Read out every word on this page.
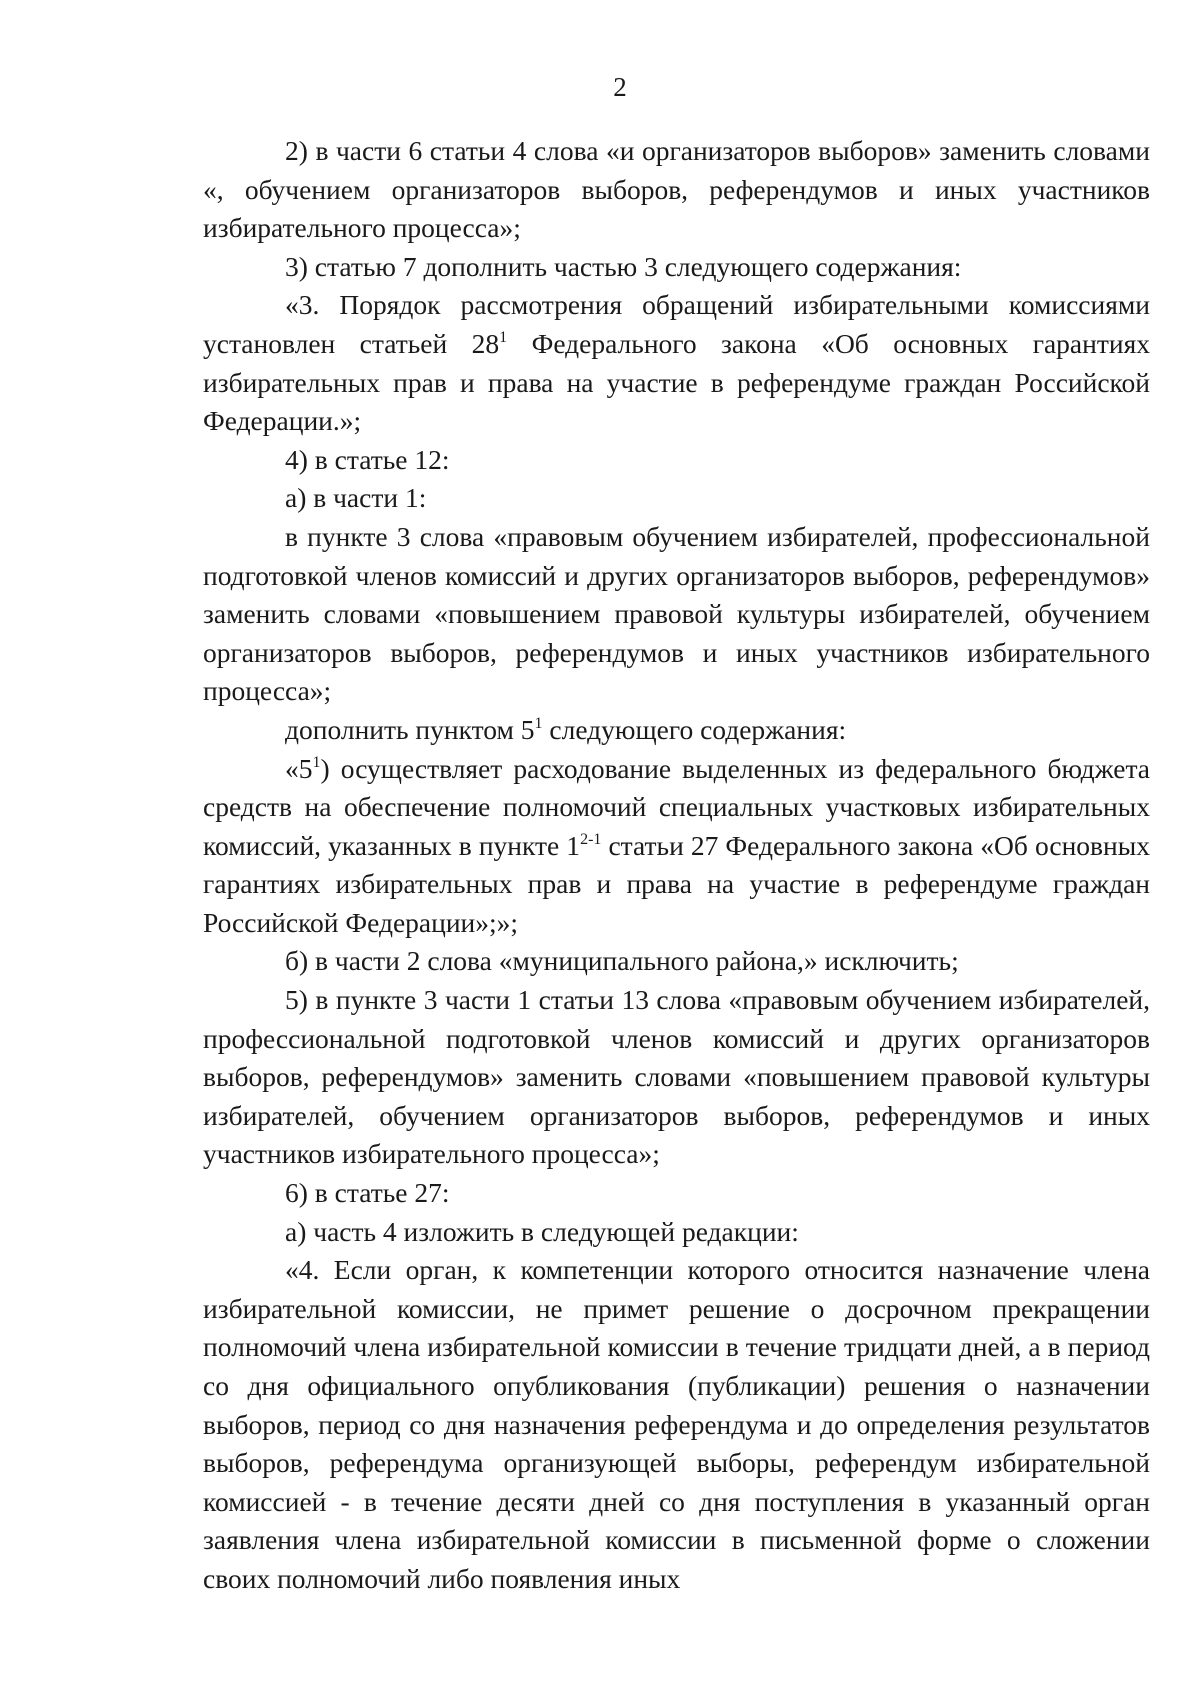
2

2) в части 6 статьи 4 слова «и организаторов выборов» заменить словами «, обучением организаторов выборов, референдумов и иных участников избирательного процесса»;

3) статью 7 дополнить частью 3 следующего содержания:

«3. Порядок рассмотрения обращений избирательными комиссиями установлен статьей $28^1$ Федерального закона «Об основных гарантиях избирательных прав и права на участие в референдуме граждан Российской Федерации.»;

4) в статье 12:

а) в части 1:

в пункте 3 слова «правовым обучением избирателей, профессиональной подготовкой членов комиссий и других организаторов выборов, референдумов» заменить словами «повышением правовой культуры избирателей, обучением организаторов выборов, референдумов и иных участников избирательного процесса»;

дополнить пунктом $5^1$ следующего содержания:

«$5^1$) осуществляет расходование выделенных из федерального бюджета средств на обеспечение полномочий специальных участковых избирательных комиссий, указанных в пункте 1$^{2-1}$ статьи 27 Федерального закона «Об основных гарантиях избирательных прав и права на участие в референдуме граждан Российской Федерации»;»;

б) в части 2 слова «муниципального района,» исключить;

5) в пункте 3 части 1 статьи 13 слова «правовым обучением избирателей, профессиональной подготовкой членов комиссий и других организаторов выборов, референдумов» заменить словами «повышением правовой культуры избирателей, обучением организаторов выборов, референдумов и иных участников избирательного процесса»;

6) в статье 27:

а) часть 4 изложить в следующей редакции:

«4. Если орган, к компетенции которого относится назначение члена избирательной комиссии, не примет решение о досрочном прекращении полномочий члена избирательной комиссии в течение тридцати дней, а в период со дня официального опубликования (публикации) решения о назначении выборов, период со дня назначения референдума и до определения результатов выборов, референдума организующей выборы, референдум избирательной комиссией - в течение десяти дней со дня поступления в указанный орган заявления члена избирательной комиссии в письменной форме о сложении своих полномочий либо появления иных
